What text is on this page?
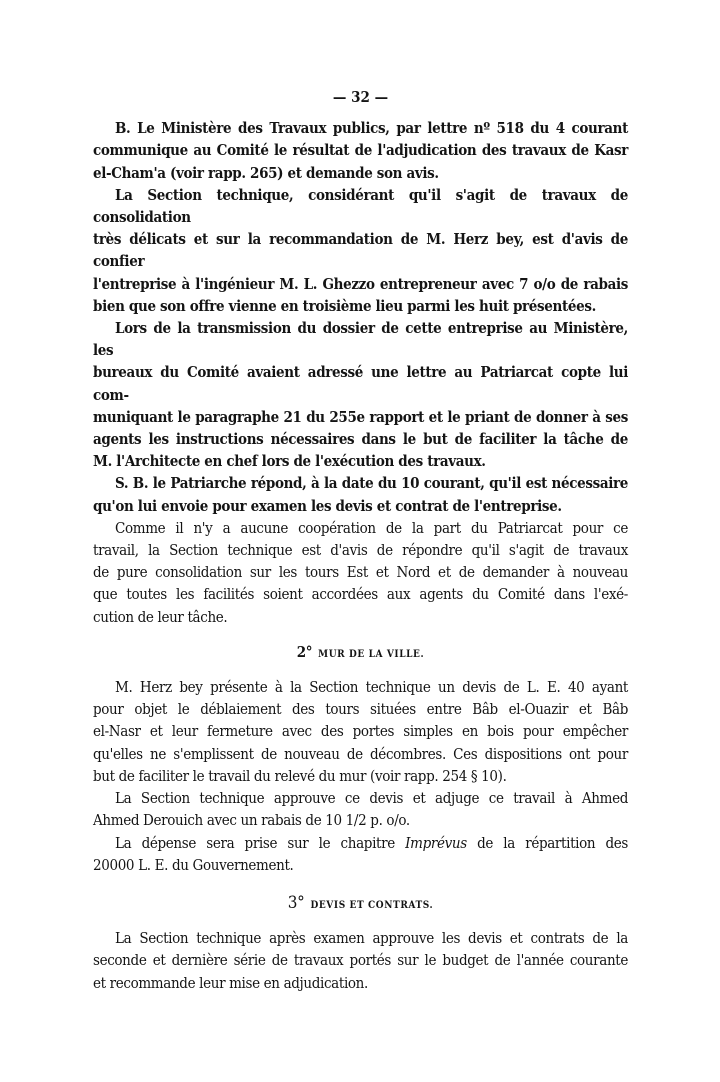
— 32 —
B. Le Ministère des Travaux publics, par lettre nº 518 du 4 courant
communique au Comité le résultat de l'adjudication des travaux de Kasr
el-Cham'a (voir rapp. 265) et demande son avis.
La Section technique, considérant qu'il s'agit de travaux de consolidation
très délicats et sur la recommandation de M. Herz bey, est d'avis de confier
l'entreprise à l'ingénieur M. L. Ghezzo entrepreneur avec 7 o/o de rabais
bien que son offre vienne en troisième lieu parmi les huit présentées.
Lors de la transmission du dossier de cette entreprise au Ministère, les
bureaux du Comité avaient adressé une lettre au Patriarcat copte lui com-
muniquant le paragraphe 21 du 255e rapport et le priant de donner à ses
agents les instructions nécessaires dans le but de faciliter la tâche de
M. l'Architecte en chef lors de l'exécution des travaux.
S. B. le Patriarche répond, à la date du 10 courant, qu'il est nécessaire
qu'on lui envoie pour examen les devis et contrat de l'entreprise.
Comme il n'y a aucune coopération de la part du Patriarcat pour ce
travail, la Section technique est d'avis de répondre qu'il s'agit de travaux
de pure consolidation sur les tours Est et Nord et de demander à nouveau
que toutes les facilités soient accordées aux agents du Comité dans l'exé-
cution de leur tâche.
2° MUR DE LA VILLE.
M. Herz bey présente à la Section technique un devis de L. E. 40 ayant
pour objet le déblaiement des tours situées entre Bâb el-Ouazir et Bâb
el-Nasr et leur fermeture avec des portes simples en bois pour empêcher
qu'elles ne s'emplissent de nouveau de décombres. Ces dispositions ont pour
but de faciliter le travail du relevé du mur (voir rapp. 254 § 10).
La Section technique approuve ce devis et adjuge ce travail à Ahmed
Ahmed Derouich avec un rabais de 10 1/2 p. o/o.
La dépense sera prise sur le chapitre Imprévus de la répartition des
20000 L. E. du Gouvernement.
3° DEVIS ET CONTRATS.
La Section technique après examen approuve les devis et contrats de la
seconde et dernière série de travaux portés sur le budget de l'année courante
et recommande leur mise en adjudication.
